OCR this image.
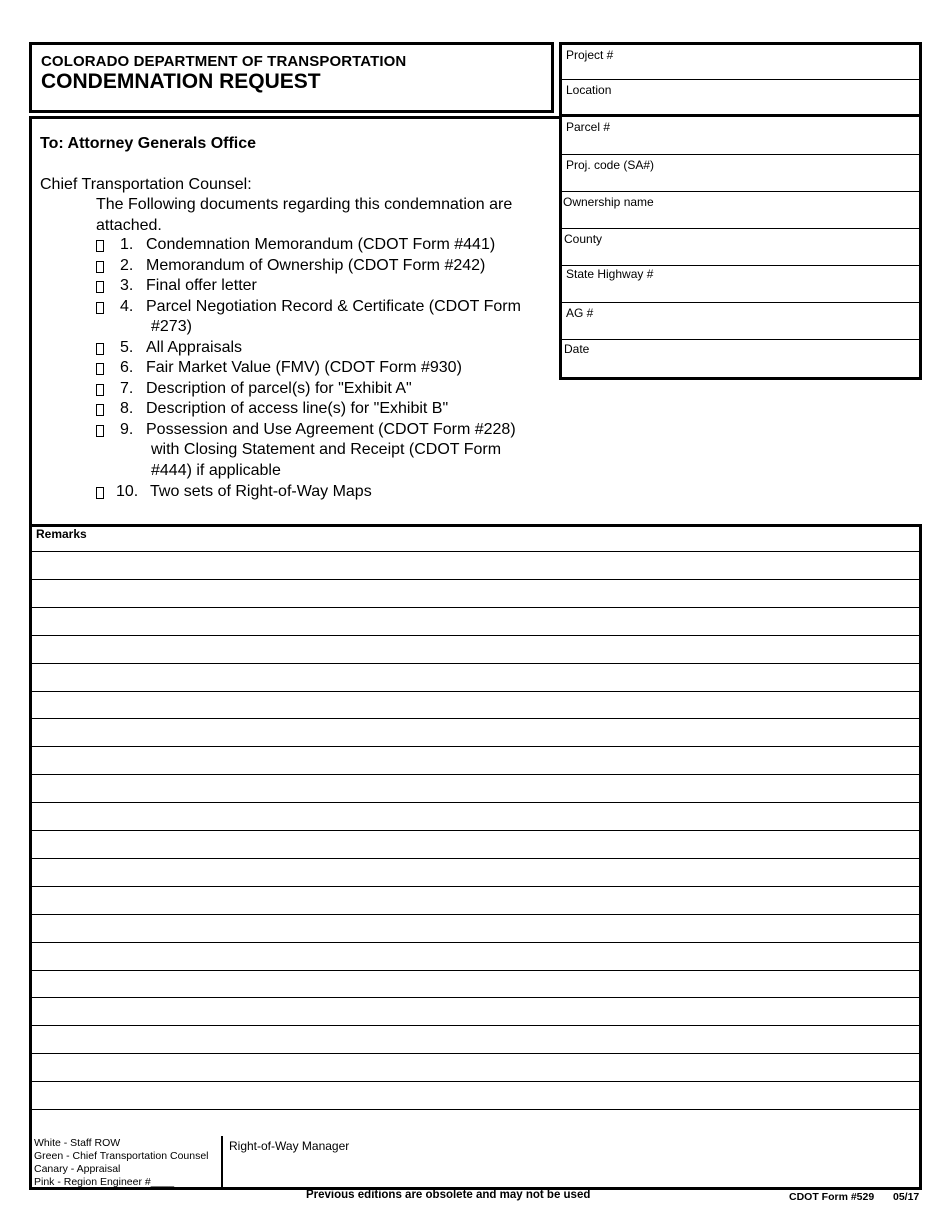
COLORADO DEPARTMENT OF TRANSPORTATION
CONDEMNATION REQUEST
Project #
Location
Parcel #
Proj. code (SA#)
Ownership name
County
State Highway #
AG #
Date
To: Attorney Generals Office
Chief Transportation Counsel:
The Following documents regarding this condemnation are
attached.
1. Condemnation Memorandum (CDOT Form #441)
2. Memorandum of Ownership (CDOT Form #242)
3. Final offer letter
4. Parcel Negotiation Record & Certificate (CDOT Form
#273)
5. All Appraisals
6. Fair Market Value (FMV) (CDOT Form #930)
7. Description of parcel(s) for "Exhibit A"
8. Description of access line(s) for "Exhibit B"
9. Possession and Use Agreement (CDOT Form #228)
with Closing Statement and Receipt (CDOT Form
#444) if applicable
10. Two sets of Right-of-Way Maps
Remarks
White - Staff ROW
Green - Chief Transportation Counsel
Canary - Appraisal
Pink - Region Engineer #____
Right-of-Way Manager
Previous editions are obsolete and may not be used	CDOT Form #529 05/17
